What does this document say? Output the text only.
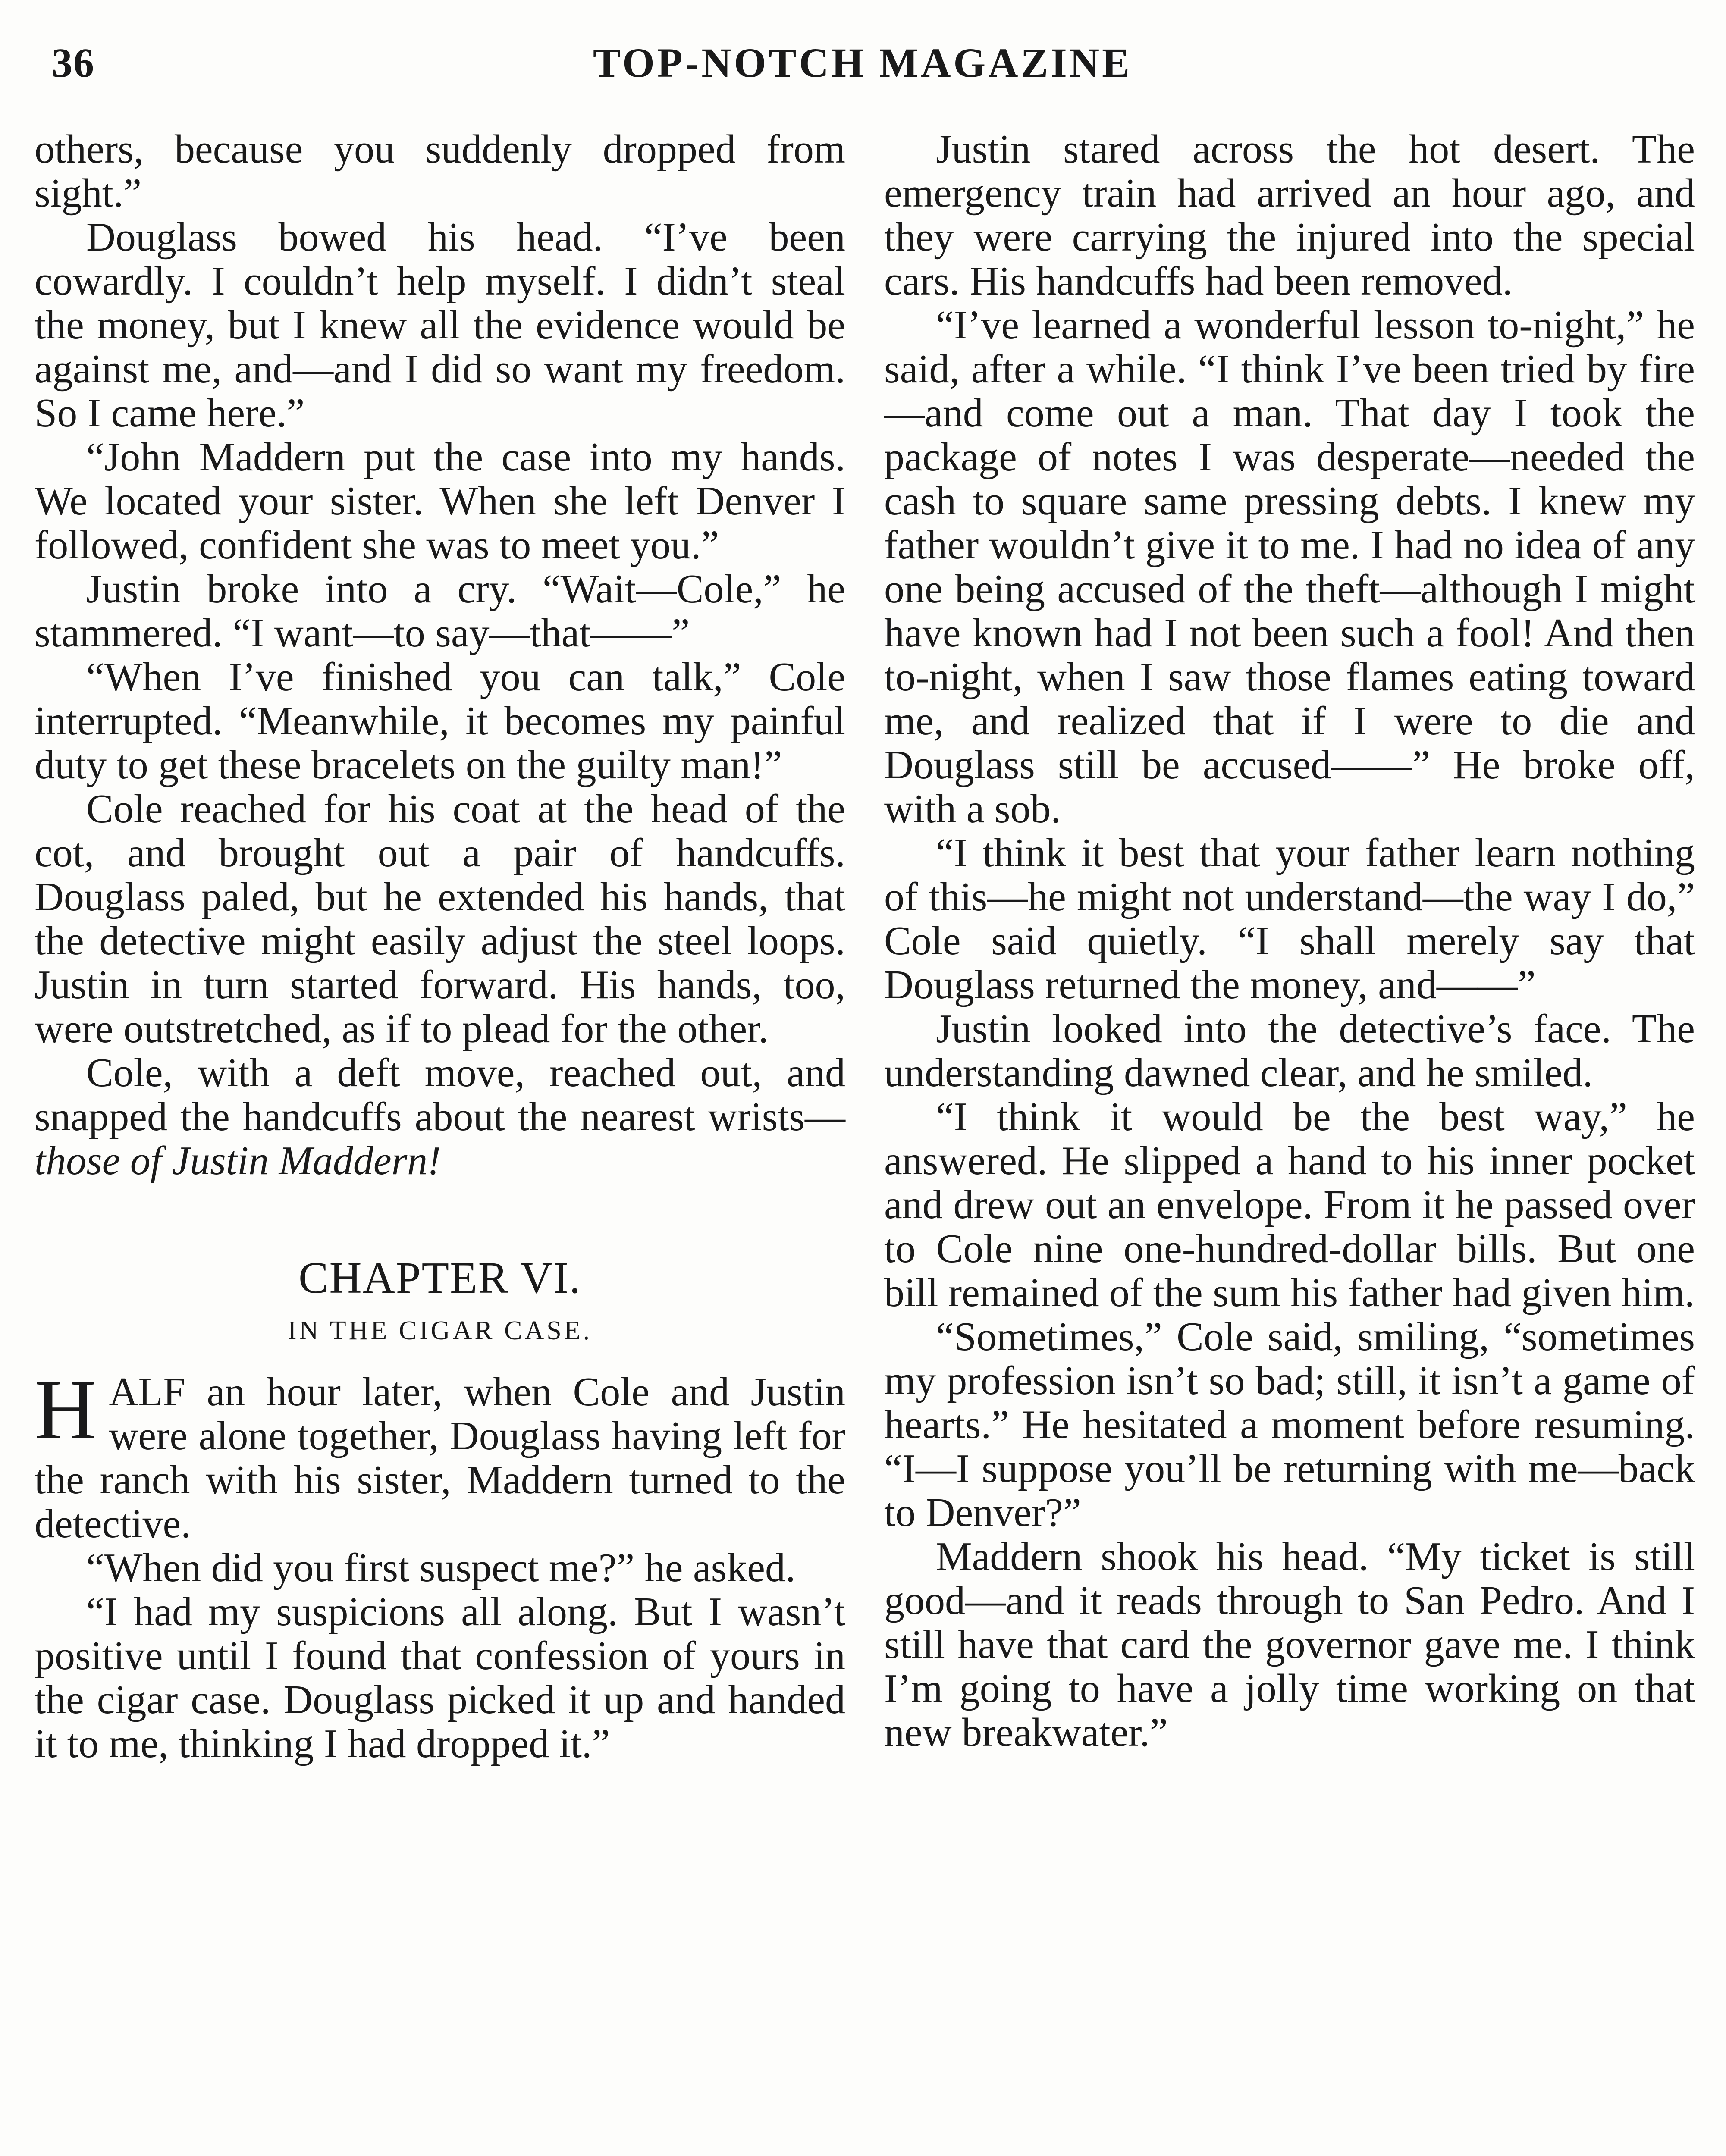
36	TOP-NOTCH MAGAZINE

others, because you suddenly dropped from sight.”

Douglass bowed his head. “I’ve been cowardly. I couldn’t help myself. I didn’t steal the money, but I knew all the evidence would be against me, and—and I did so want my freedom. So I came here.”

“John Maddern put the case into my hands. We located your sister. When she left Denver I followed, confident she was to meet you.”

Justin broke into a cry. “Wait—Cole,” he stammered. “I want—to say—that——”

“When I’ve finished you can talk,” Cole interrupted. “Meanwhile, it becomes my painful duty to get these bracelets on the guilty man!”

Cole reached for his coat at the head of the cot, and brought out a pair of handcuffs. Douglass paled, but he extended his hands, that the detective might easily adjust the steel loops. Justin in turn started forward. His hands, too, were outstretched, as if to plead for the other.

Cole, with a deft move, reached out, and snapped the handcuffs about the nearest wrists—those of Justin Maddern!

CHAPTER VI.
IN THE CIGAR CASE.

HALF an hour later, when Cole and Justin were alone together, Douglass having left for the ranch with his sister, Maddern turned to the detective.

“When did you first suspect me?” he asked.

“I had my suspicions all along. But I wasn’t positive until I found that confession of yours in the cigar case. Douglass picked it up and handed it to me, thinking I had dropped it.”

Justin stared across the hot desert. The emergency train had arrived an hour ago, and they were carrying the injured into the special cars. His handcuffs had been removed.

“I’ve learned a wonderful lesson to-night,” he said, after a while. “I think I’ve been tried by fire—and come out a man. That day I took the package of notes I was desperate—needed the cash to square same pressing debts. I knew my father wouldn’t give it to me. I had no idea of any one being accused of the theft—although I might have known had I not been such a fool! And then to-night, when I saw those flames eating toward me, and realized that if I were to die and Douglass still be accused——” He broke off, with a sob.

“I think it best that your father learn nothing of this—he might not understand—the way I do,” Cole said quietly. “I shall merely say that Douglass returned the money, and——”

Justin looked into the detective’s face. The understanding dawned clear, and he smiled.

“I think it would be the best way,” he answered. He slipped a hand to his inner pocket and drew out an envelope. From it he passed over to Cole nine one-hundred-dollar bills. But one bill remained of the sum his father had given him.

“Sometimes,” Cole said, smiling, “sometimes my profession isn’t so bad; still, it isn’t a game of hearts.” He hesitated a moment before resuming. “I—I suppose you’ll be returning with me—back to Denver?”

Maddern shook his head. “My ticket is still good—and it reads through to San Pedro. And I still have that card the governor gave me. I think I’m going to have a jolly time working on that new breakwater.”
